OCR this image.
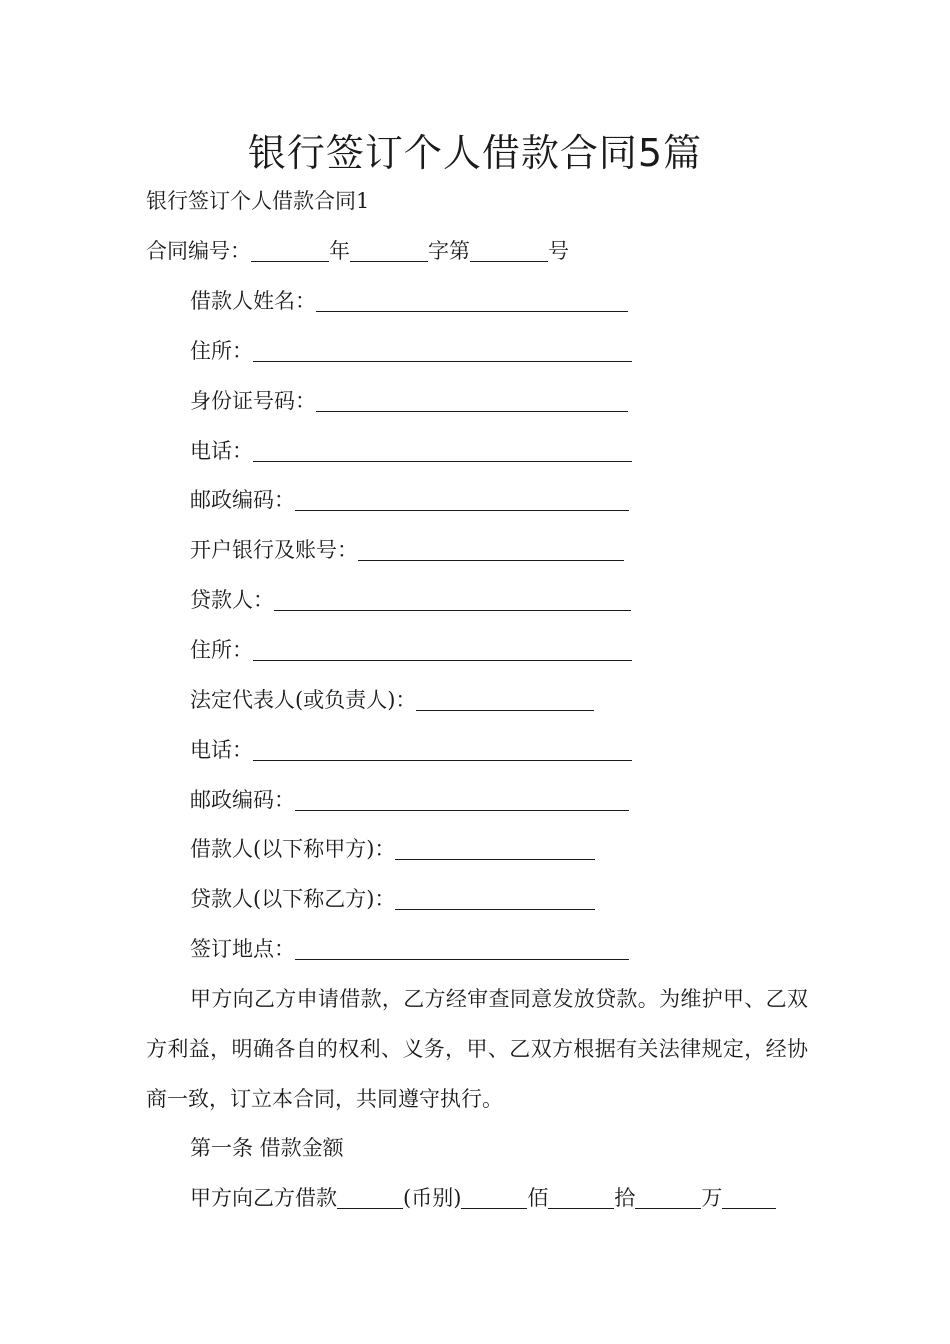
银行签订个人借款合同5篇
银行签订个人借款合同1
合同编号：	年	字第	号
借款人姓名：
住所：
身份证号码：
电话：
邮政编码：
开户银行及账号：
贷款人：
住所：
法定代表人(或负责人)：
电话：
邮政编码：
借款人(以下称甲方)：
贷款人(以下称乙方)：
签订地点：
甲方向乙方申请借款，乙方经审查同意发放贷款。为维护甲、乙双方利益，明确各自的权利、义务，甲、乙双方根据有关法律规定，经协商一致，订立本合同，共同遵守执行。
第一条 借款金额
甲方向乙方借款	(币别)	佰	拾	万
